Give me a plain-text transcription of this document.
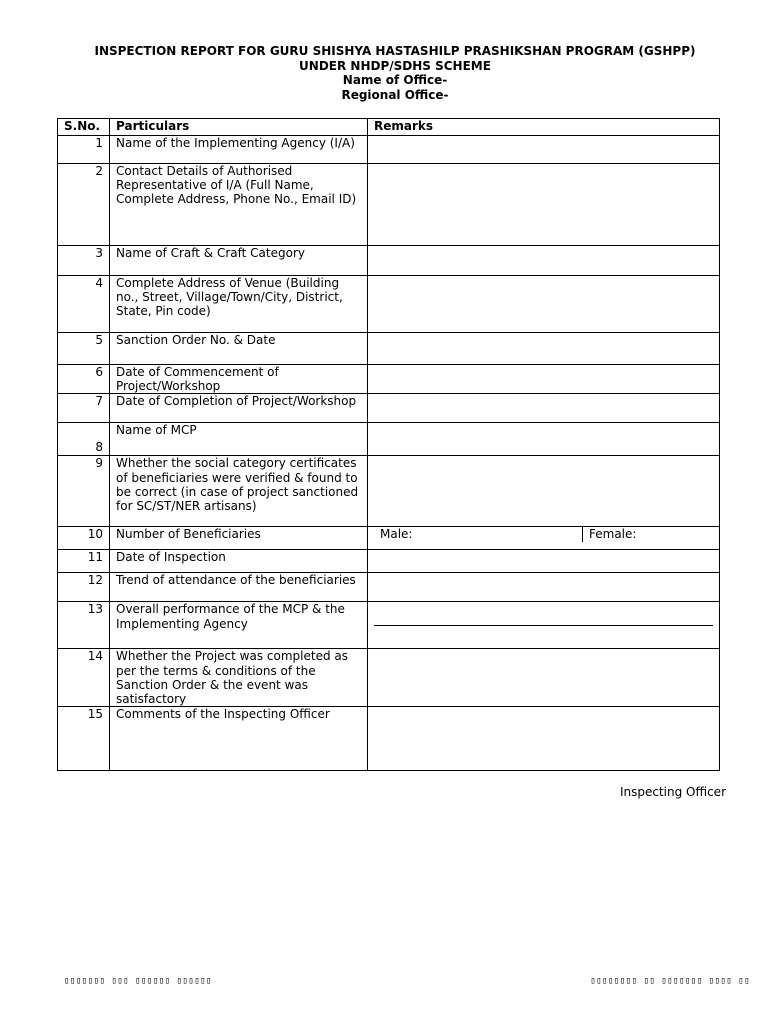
INSPECTION REPORT FOR GURU SHISHYA HASTASHILP PRASHIKSHAN PROGRAM (GSHPP)
UNDER NHDP/SDHS SCHEME
Name of Office-
Regional Office-
S.No.	Particulars	Remarks
1	Name of the Implementing Agency (I/A)	
2	Contact Details of Authorised Representative of I/A (Full Name, Complete Address, Phone No., Email ID)	
3	Name of Craft & Craft Category	
4	Complete Address of Venue (Building no., Street, Village/Town/City, District, State, Pin code)	
5	Sanction Order No. & Date	
6	Date of Commencement of Project/Workshop	
7	Date of Completion of Project/Workshop	
8	Name of MCP	
9	Whether the social category certificates of beneficiaries were verified & found to be correct (in case of project sanctioned for SC/ST/NER artisans)	
10	Number of Beneficiaries	Male: Female:

11	Date of Inspection	
12	Trend of attendance of the beneficiaries	
13	Overall performance of the MCP & the Implementing Agency	

14	Whether the Project was completed as per the terms & conditions of the Sanction Order & the event was satisfactory	
15	Comments of the Inspecting Officer	
Inspecting Officer
▯▯▯▯▯▯▯ ▯▯▯ ▯▯▯▯▯▯ ▯▯▯▯▯▯	▯▯▯▯▯▯▯▯ ▯▯ ▯▯▯▯▯▯▯ ▯▯▯▯ ▯▯
